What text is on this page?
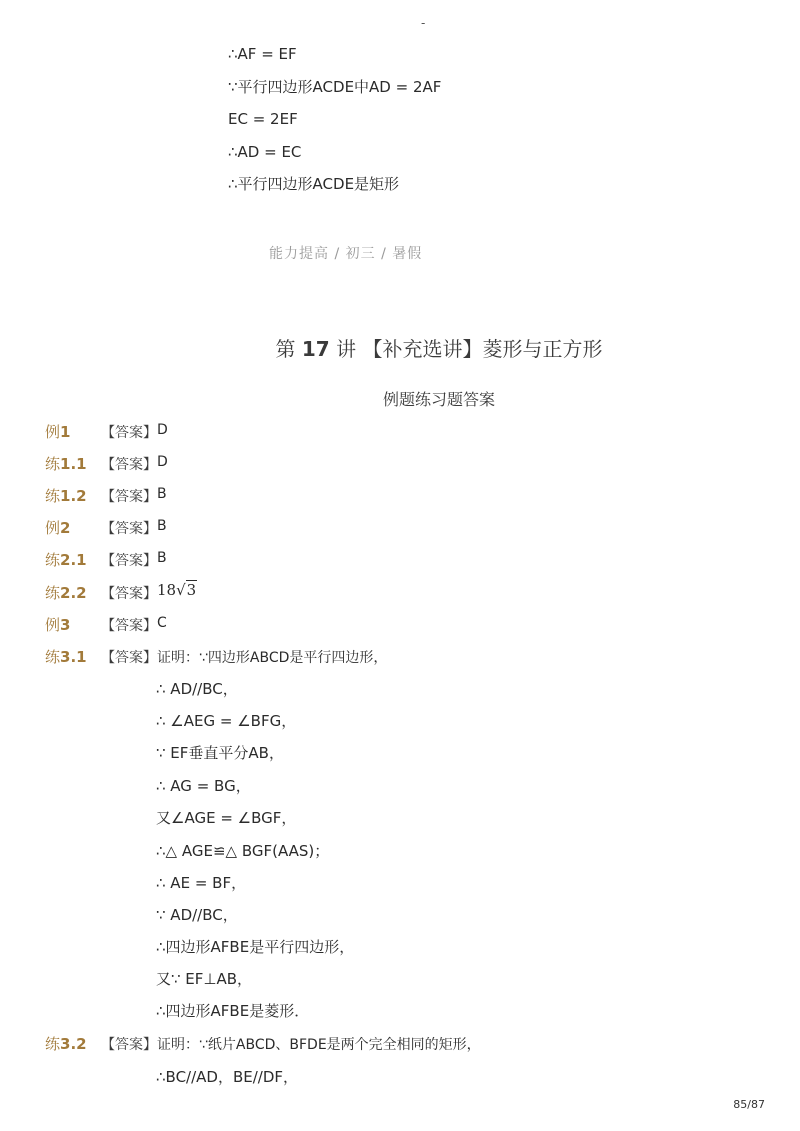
-
∴AF = EF
∵平行四边形ACDE中AD = 2AF
EC = 2EF
∴AD = EC
∴平行四边形ACDE是矩形
能力提高 / 初三 / 暑假
第 17 讲 【补充选讲】菱形与正方形
例题练习题答案
例1 【答案】 D
练1.1 【答案】 D
练1.2 【答案】 B
例2 【答案】 B
练2.1 【答案】 B
练2.2 【答案】 18√3
例3 【答案】 C
练3.1 【答案】 证明：∵四边形ABCD是平行四边形，
∴ AD//BC，
∴ ∠AEG = ∠BFG，
∵ EF垂直平分AB，
∴ AG = BG，
又∠AGE = ∠BGF，
∴△ AGE≌△ BGF(AAS)；
∴ AE = BF，
∵ AD//BC，
∴四边形AFBE是平行四边形，
又∵ EF⊥AB，
∴四边形AFBE是菱形．
练3.2 【答案】 证明：∵纸片ABCD、BFDE是两个完全相同的矩形，
∴BC//AD，BE//DF，
85/87
